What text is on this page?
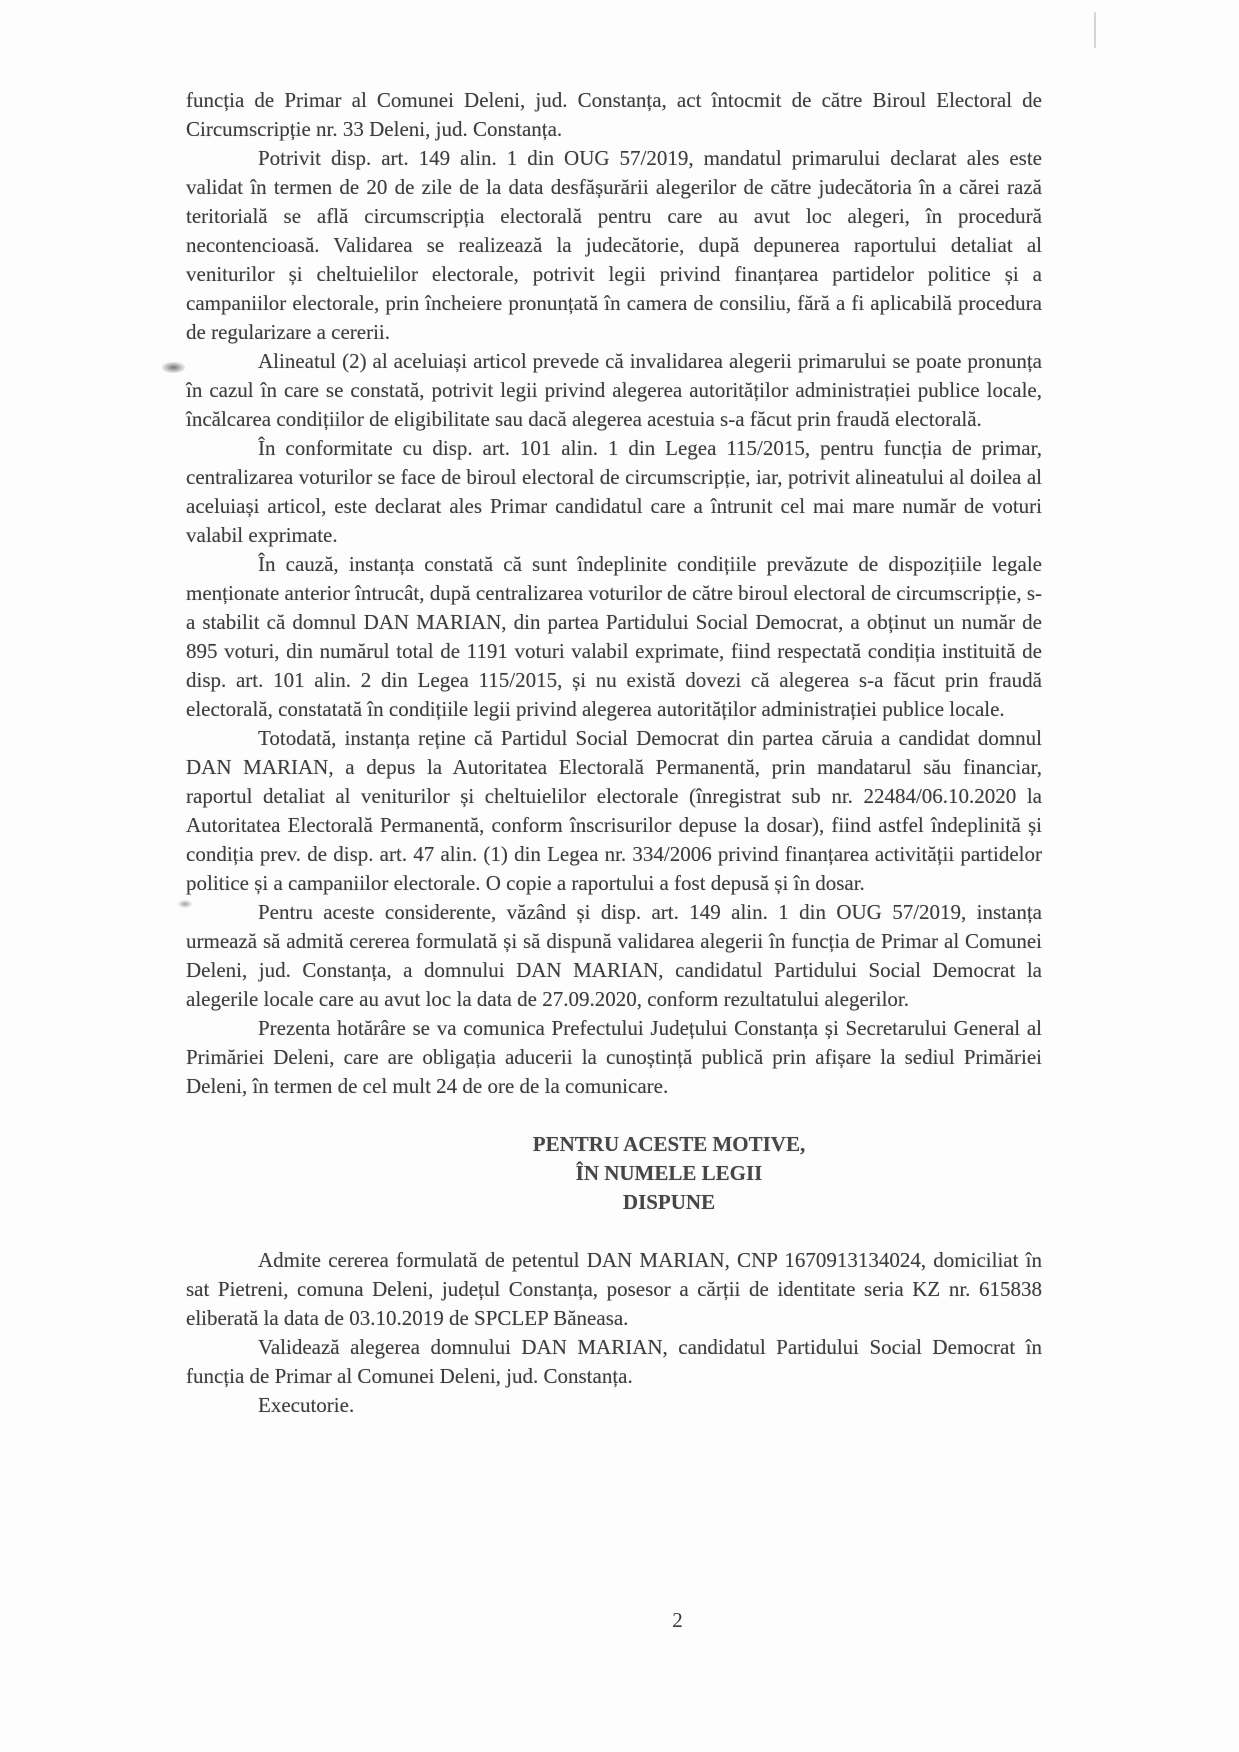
funcția de Primar al Comunei Deleni, jud. Constanța, act întocmit de către Biroul Electoral de Circumscripție nr. 33 Deleni, jud. Constanța.

Potrivit disp. art. 149 alin. 1 din OUG 57/2019, mandatul primarului declarat ales este validat în termen de 20 de zile de la data desfășurării alegerilor de către judecătoria în a cărei rază teritorială se află circumscripția electorală pentru care au avut loc alegeri, în procedură necontencioasă. Validarea se realizează la judecătorie, după depunerea raportului detaliat al veniturilor și cheltuielilor electorale, potrivit legii privind finanțarea partidelor politice și a campaniilor electorale, prin încheiere pronunțată în camera de consiliu, fără a fi aplicabilă procedura de regularizare a cererii.

Alineatul (2) al aceluiași articol prevede că invalidarea alegerii primarului se poate pronunța în cazul în care se constată, potrivit legii privind alegerea autorităților administrației publice locale, încălcarea condițiilor de eligibilitate sau dacă alegerea acestuia s-a făcut prin fraudă electorală.

În conformitate cu disp. art. 101 alin. 1 din Legea 115/2015, pentru funcția de primar, centralizarea voturilor se face de biroul electoral de circumscripție, iar, potrivit alineatului al doilea al aceluiași articol, este declarat ales Primar candidatul care a întrunit cel mai mare număr de voturi valabil exprimate.

În cauză, instanța constată că sunt îndeplinite condițiile prevăzute de dispozițiile legale menționate anterior întrucât, după centralizarea voturilor de către biroul electoral de circumscripție, s-a stabilit că domnul DAN MARIAN, din partea Partidului Social Democrat, a obținut un număr de 895 voturi, din numărul total de 1191 voturi valabil exprimate, fiind respectată condiția instituită de disp. art. 101 alin. 2 din Legea 115/2015, și nu există dovezi că alegerea s-a făcut prin fraudă electorală, constatată în condițiile legii privind alegerea autorităților administrației publice locale.

Totodată, instanța reține că Partidul Social Democrat din partea căruia a candidat domnul DAN MARIAN, a depus la Autoritatea Electorală Permanentă, prin mandatarul său financiar, raportul detaliat al veniturilor și cheltuielilor electorale (înregistrat sub nr. 22484/06.10.2020 la Autoritatea Electorală Permanentă, conform înscrisurilor depuse la dosar), fiind astfel îndeplinită și condiția prev. de disp. art. 47 alin. (1) din Legea nr. 334/2006 privind finanțarea activității partidelor politice și a campaniilor electorale. O copie a raportului a fost depusă și în dosar.

Pentru aceste considerente, văzând și disp. art. 149 alin. 1 din OUG 57/2019, instanța urmează să admită cererea formulată și să dispună validarea alegerii în funcția de Primar al Comunei Deleni, jud. Constanța, a domnului DAN MARIAN, candidatul Partidului Social Democrat la alegerile locale care au avut loc la data de 27.09.2020, conform rezultatului alegerilor.

Prezenta hotărâre se va comunica Prefectului Județului Constanța și Secretarului General al Primăriei Deleni, care are obligația aducerii la cunoștință publică prin afișare la sediul Primăriei Deleni, în termen de cel mult 24 de ore de la comunicare.

PENTRU ACESTE MOTIVE,
ÎN NUMELE LEGII
DISPUNE

Admite cererea formulată de petentul DAN MARIAN, CNP 1670913134024, domiciliat în sat Pietreni, comuna Deleni, județul Constanța, posesor a cărții de identitate seria KZ nr. 615838 eliberată la data de 03.10.2019 de SPCLEP Băneasa.

Validează alegerea domnului DAN MARIAN, candidatul Partidului Social Democrat în funcția de Primar al Comunei Deleni, jud. Constanța.

Executorie.

2
